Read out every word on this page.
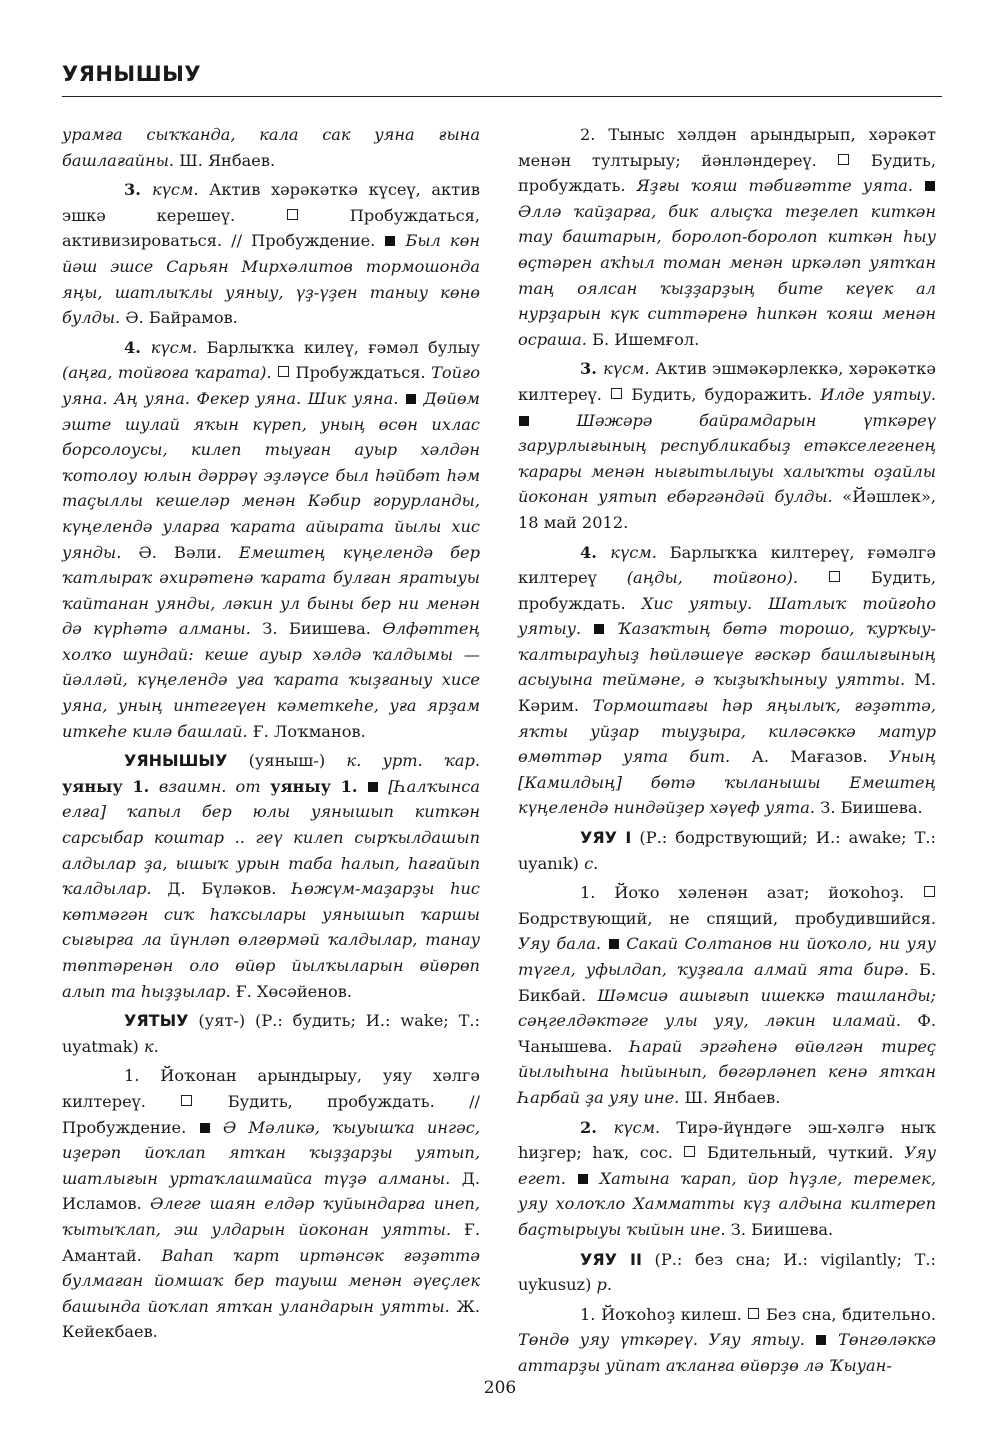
УЯНЫШЫУ

урамға сыҡҡанда, кала сак уяна ғына башлағайны. Ш. Янбаев.

3. күсм. Актив хәрәкәткә күсеү, актив эшкә керешеү.  Пробуждаться, активизироваться. // Пробуждение.  Был көн йәш эшсе Сарьян Мирхәлитов тормошонда яңы, шатлыҡлы уяныу, үҙ-үҙен таныу көнө булды. Ә. Байрамов.

4. күсм. Барлыҡҡа килеү, ғәмәл булыу (аңға, тойғоға ҡарата).  Пробуждаться. Тойғо уяна. Аң уяна. Фекер уяна. Шик уяна.  Дөйөм эште шулай яҡын күреп, уның өсөн ихлас борсолоусы, килеп тыуған ауыр хәлдән ҡотолоу юлын дәррәү эҙләүсе был һәйбәт һәм таҫыллы кешеләр менән Кәбир ғорурланды, күңелендә уларға ҡарата айырата йылы хис уянды. Ә. Вәли. Емештең күңелендә бер ҡатлыраҡ әхирәтенә ҡарата булған яратыуы ҡайтанан уянды, ләкин ул быны бер ни менән дә күрһәтә алманы. З. Биишева. Өлфәттең холҡо шундай: кеше ауыр хәлдә ҡалдымы — йәлләй, күңелендә уға ҡарата ҡыҙғаныу хисе уяна, уның интегеүен кәметкеһе, уға ярҙам иткеһе килә башлай. Ғ. Лоҡманов.

УЯНЫШЫУ (уяныш-) к. урт. ҡар. уяныу 1. взаимн. от уяныу 1.  [Һалҡынса елға] ҡапыл бер юлы уянышып киткән сарсыбар коштар .. геү килеп сырҡылдашып алдылар ҙа, ышыҡ урын таба һалып, һағайып ҡалдылар. Д. Бүләков. Һөжүм-маҙарҙы һис көтмәгән сиҡ һаҡсылары уянышып ҡаршы сығырға ла йүнләп өлгөрмәй ҡалдылар, танау төптәренән оло өйөр йылҡыларын өйөрөп алып та һыҙҙылар. Ғ. Хөсәйенов.

УЯТЫУ (уят-) (Р.: будить; И.: wake; Т.: uyatmak) к.

1. Йоҡонан арындырыу, уяу хәлгә килтереү.  Будить, пробуждать. // Пробуждение.  Ә Мәликә, ҡыуышҡа ингәс, иҙерәп йоҡлап ятҡан ҡыҙҙарҙы уятып, шатлығын уртаҡлашмайса түҙә алманы. Д. Исламов. Әлеге шаян елдәр ҡуйындарға инеп, ҡытыҡлап, эш улдарын йоконан уятты. Ғ. Амантай. Ваһап ҡарт иртәнсәк ғәҙәттә булмаған йомшаҡ бер тауыш менән әүеҫлек башында йоҡлап ятҡан уландарын уятты. Ж. Кейекбаев.

2. Тыныс хәлдән арындырып, хәрәкәт менән тултырыу; йәнләндереү.  Будить, пробуждать. Яҙғы ҡояш тәбиғәтте уята.  Әллә ҡайҙарға, бик алыҫҡа теҙелеп киткән тау баштарын, боролоп-боролоп киткән һыу өҫтәрен аҡһыл томан менән иркәләп уятҡан таң оялсан ҡыҙҙарҙың бите кеүек ал нурҙарын күк ситтәренә һипкән ҡояш менән осраша. Б. Ишемғол.

3. күсм. Актив эшмәкәрлеккә, хәрәкәткә килтереү.  Будить, будоражить. Илде уятыу.  Шәжәрә байрамдарын үткәреү зарурлығының республикабыҙ етәкселегенең ҡарары менән нығытылыуы халыҡты оҙайлы йоконан уятып ебәргәндәй булды. «Йәшлек», 18 май 2012.

4. күсм. Барлыҡҡа килтереү, ғәмәлгә килтереү (аңды, тойғоно).	Будить, пробуждать. Хис уятыу. Шатлыҡ тойғоһо уятыу.  Ҡазаҡтың бөтә торошо, ҡурҡыу-ҡалтырауһыҙ һөйләшеүе ғәскәр башлығының асыуына теймәне, ә ҡыҙыҡһыныу уятты. М. Кәрим. Тормоштағы һәр яңылыҡ, ғәҙәттә, яҡты уйҙар тыуҙыра, киләсәккә матур өмөттәр уята бит. А. Мағазов. Уның [Камилдың] бөтә ҡыланышы Емештең күңелендә ниндәйҙер хәүеф уята. З. Биишева.

УЯУ I (Р.: бодрствующий; И.: awake; Т.: uyanık) с.

1. Йоҡо хәленән азат; йоҡоһоҙ.  Бодрствующий, не спящий, пробудившийся. Уяу бала.  Сакай Солтанов ни йоҡоло, ни уяу түгел, уфылдап, ҡуҙғала алмай ята бирә. Б. Бикбай. Шәмсиә ашығып ишеккә ташланды; сәңгелдәктәге улы уяу, ләкин иламай. Ф. Чанышева. Һарай эргәһенә өйөлгән тиреҫ йылыһына һыйынып, бөгәрләнеп кенә ятҡан Һарбай ҙа уяу ине. Ш. Янбаев.

2. күсм. Тирә-йүндәге эш-хәлгә ныҡ һиҙгер; һаҡ, сос.  Бдительный, чуткий. Уяу егет.  Хатына ҡарап, йор һүҙле, теремек, уяу холоҡло Хамматты күҙ алдына килтереп баҫтырыуы ҡыйын ине. З. Биишева.

УЯУ II (Р.: без сна; И.: vigilantly; Т.: uykusuz) р.

1. Йоҡоһоҙ килеш.  Без сна, бдительно. Төндө уяу үткәреү. Уяу ятыу.  Төнгөләккә аттарҙы уйпат аҡланға өйөрҙө лә Ҡыуан-

206
